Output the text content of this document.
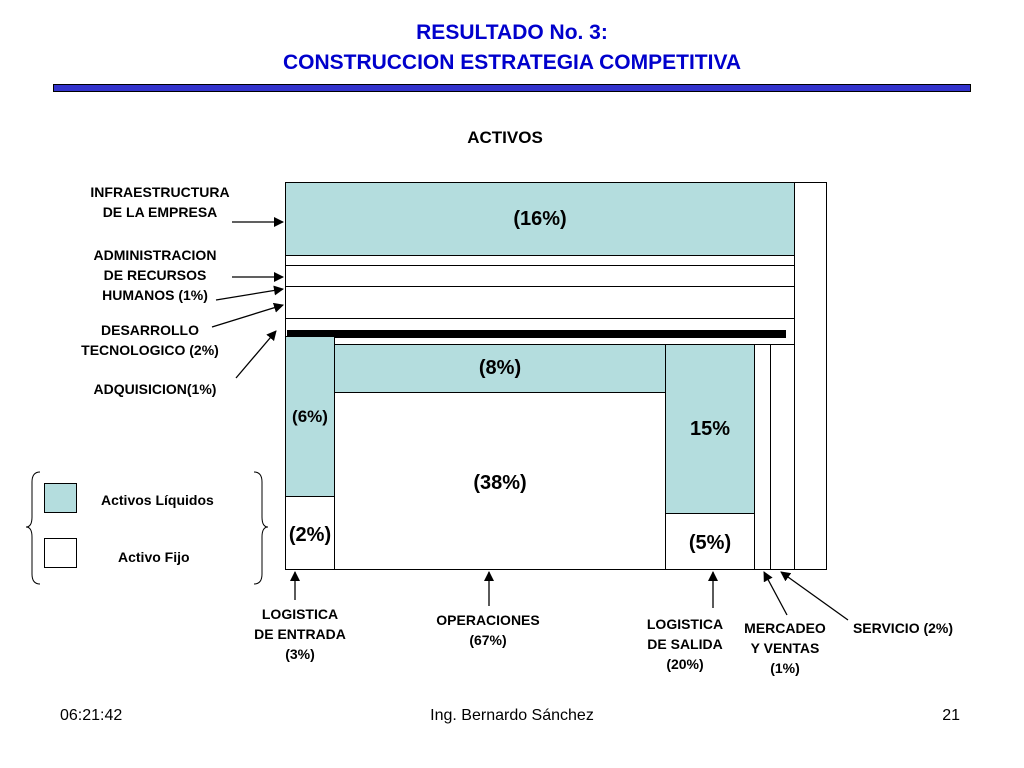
RESULTADO No. 3:
CONSTRUCCION ESTRATEGIA COMPETITIVA
ACTIVOS
(16%)
(6%)
(2%)
(8%)
(38%)
15%
(5%)
INFRAESTRUCTURA
DE LA EMPRESA
ADMINISTRACION
DE RECURSOS
HUMANOS (1%)
DESARROLLO
TECNOLOGICO (2%)
ADQUISICION(1%)
LOGISTICA
DE ENTRADA
(3%)
OPERACIONES
(67%)
LOGISTICA
DE SALIDA
(20%)
MERCADEO
Y VENTAS
(1%)
SERVICIO (2%)
Activos Líquidos
Activo Fijo
06:21:42	Ing. Bernardo Sánchez	21
